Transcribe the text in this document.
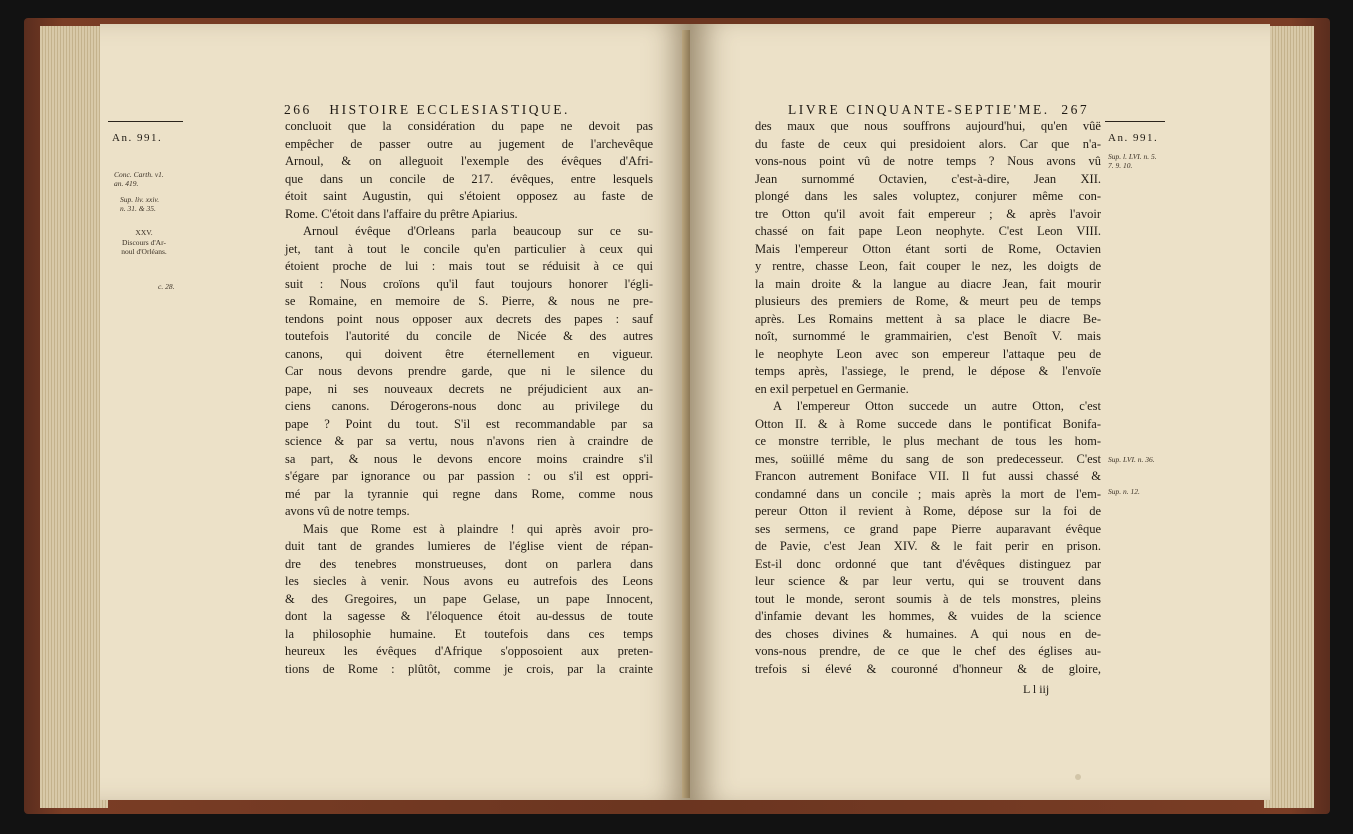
266 HISTOIRE ECCLESIASTIQUE.
An. 991.
Conc. Carth. v1.
an. 419.
Sup. liv. xxiv.
n. 31. & 35.
XXV.
Discours d'Ar-
noul d'Orléans.
c. 28.
concluoit que la considération du pape ne devoit pas
empêcher de passer outre au jugement de l'archevêque
Arnoul, & on alleguoit l'exemple des évêques d'Afri-
que dans un concile de 217. évêques, entre lesquels
étoit saint Augustin, qui s'étoient opposez au faste de
Rome. C'étoit dans l'affaire du prêtre Apiarius.
Arnoul évêque d'Orleans parla beaucoup sur ce su-
jet, tant à tout le concile qu'en particulier à ceux qui
étoient proche de lui : mais tout se réduisit à ce qui
suit : Nous croïons qu'il faut toujours honorer l'égli-
se Romaine, en memoire de S. Pierre, & nous ne pre-
tendons point nous opposer aux decrets des papes : sauf
toutefois l'autorité du concile de Nicée & des autres
canons, qui doivent être éternellement en vigueur.
Car nous devons prendre garde, que ni le silence du
pape, ni ses nouveaux decrets ne préjudicient aux an-
ciens canons. Dérogerons-nous donc au privilege du
pape ? Point du tout. S'il est recommandable par sa
science & par sa vertu, nous n'avons rien à craindre de
sa part, & nous le devons encore moins craindre s'il
s'égare par ignorance ou par passion : ou s'il est oppri-
mé par la tyrannie qui regne dans Rome, comme nous
avons vû de notre temps.
Mais que Rome est à plaindre ! qui après avoir pro-
duit tant de grandes lumieres de l'église vient de répan-
dre des tenebres monstrueuses, dont on parlera dans
les siecles à venir. Nous avons eu autrefois des Leons
& des Gregoires, un pape Gelase, un pape Innocent,
dont la sagesse & l'éloquence étoit au-dessus de toute
la philosophie humaine. Et toutefois dans ces temps
heureux les évêques d'Afrique s'opposoient aux preten-
tions de Rome : plûtôt, comme je crois, par la crainte
LIVRE CINQUANTE-SEPTIE'ME. 267
An. 991.
Sup. l. LVI. n. 5.
7. 9. 10.
Sup. LVI. n. 36.
Sup. n. 12.
des maux que nous souffrons aujourd'hui, qu'en vûë
du faste de ceux qui presidoient alors. Car que n'a-
vons-nous point vû de notre temps ? Nous avons vû
Jean surnommé Octavien, c'est-à-dire, Jean XII.
plongé dans les sales voluptez, conjurer même con-
tre Otton qu'il avoit fait empereur ; & après l'avoir
chassé on fait pape Leon neophyte. C'est Leon VIII.
Mais l'empereur Otton étant sorti de Rome, Octavien
y rentre, chasse Leon, fait couper le nez, les doigts de
la main droite & la langue au diacre Jean, fait mourir
plusieurs des premiers de Rome, & meurt peu de temps
après. Les Romains mettent à sa place le diacre Be-
noît, surnommé le grammairien, c'est Benoît V. mais
le neophyte Leon avec son empereur l'attaque peu de
temps après, l'assiege, le prend, le dépose & l'envoïe
en exil perpetuel en Germanie.
A l'empereur Otton succede un autre Otton, c'est
Otton II. & à Rome succede dans le pontificat Bonifa-
ce monstre terrible, le plus mechant de tous les hom-
mes, soüillé même du sang de son predecesseur. C'est
Francon autrement Boniface VII. Il fut aussi chassé &
condamné dans un concile ; mais après la mort de l'em-
pereur Otton il revient à Rome, dépose sur la foi de
ses sermens, ce grand pape Pierre auparavant évêque
de Pavie, c'est Jean XIV. & le fait perir en prison.
Est-il donc ordonné que tant d'évêques distinguez par
leur science & par leur vertu, qui se trouvent dans
tout le monde, seront soumis à de tels monstres, pleins
d'infamie devant les hommes, & vuides de la science
des choses divines & humaines. A qui nous en de-
vons-nous prendre, de ce que le chef des églises au-
trefois si élevé & couronné d'honneur & de gloire,
L l iij
